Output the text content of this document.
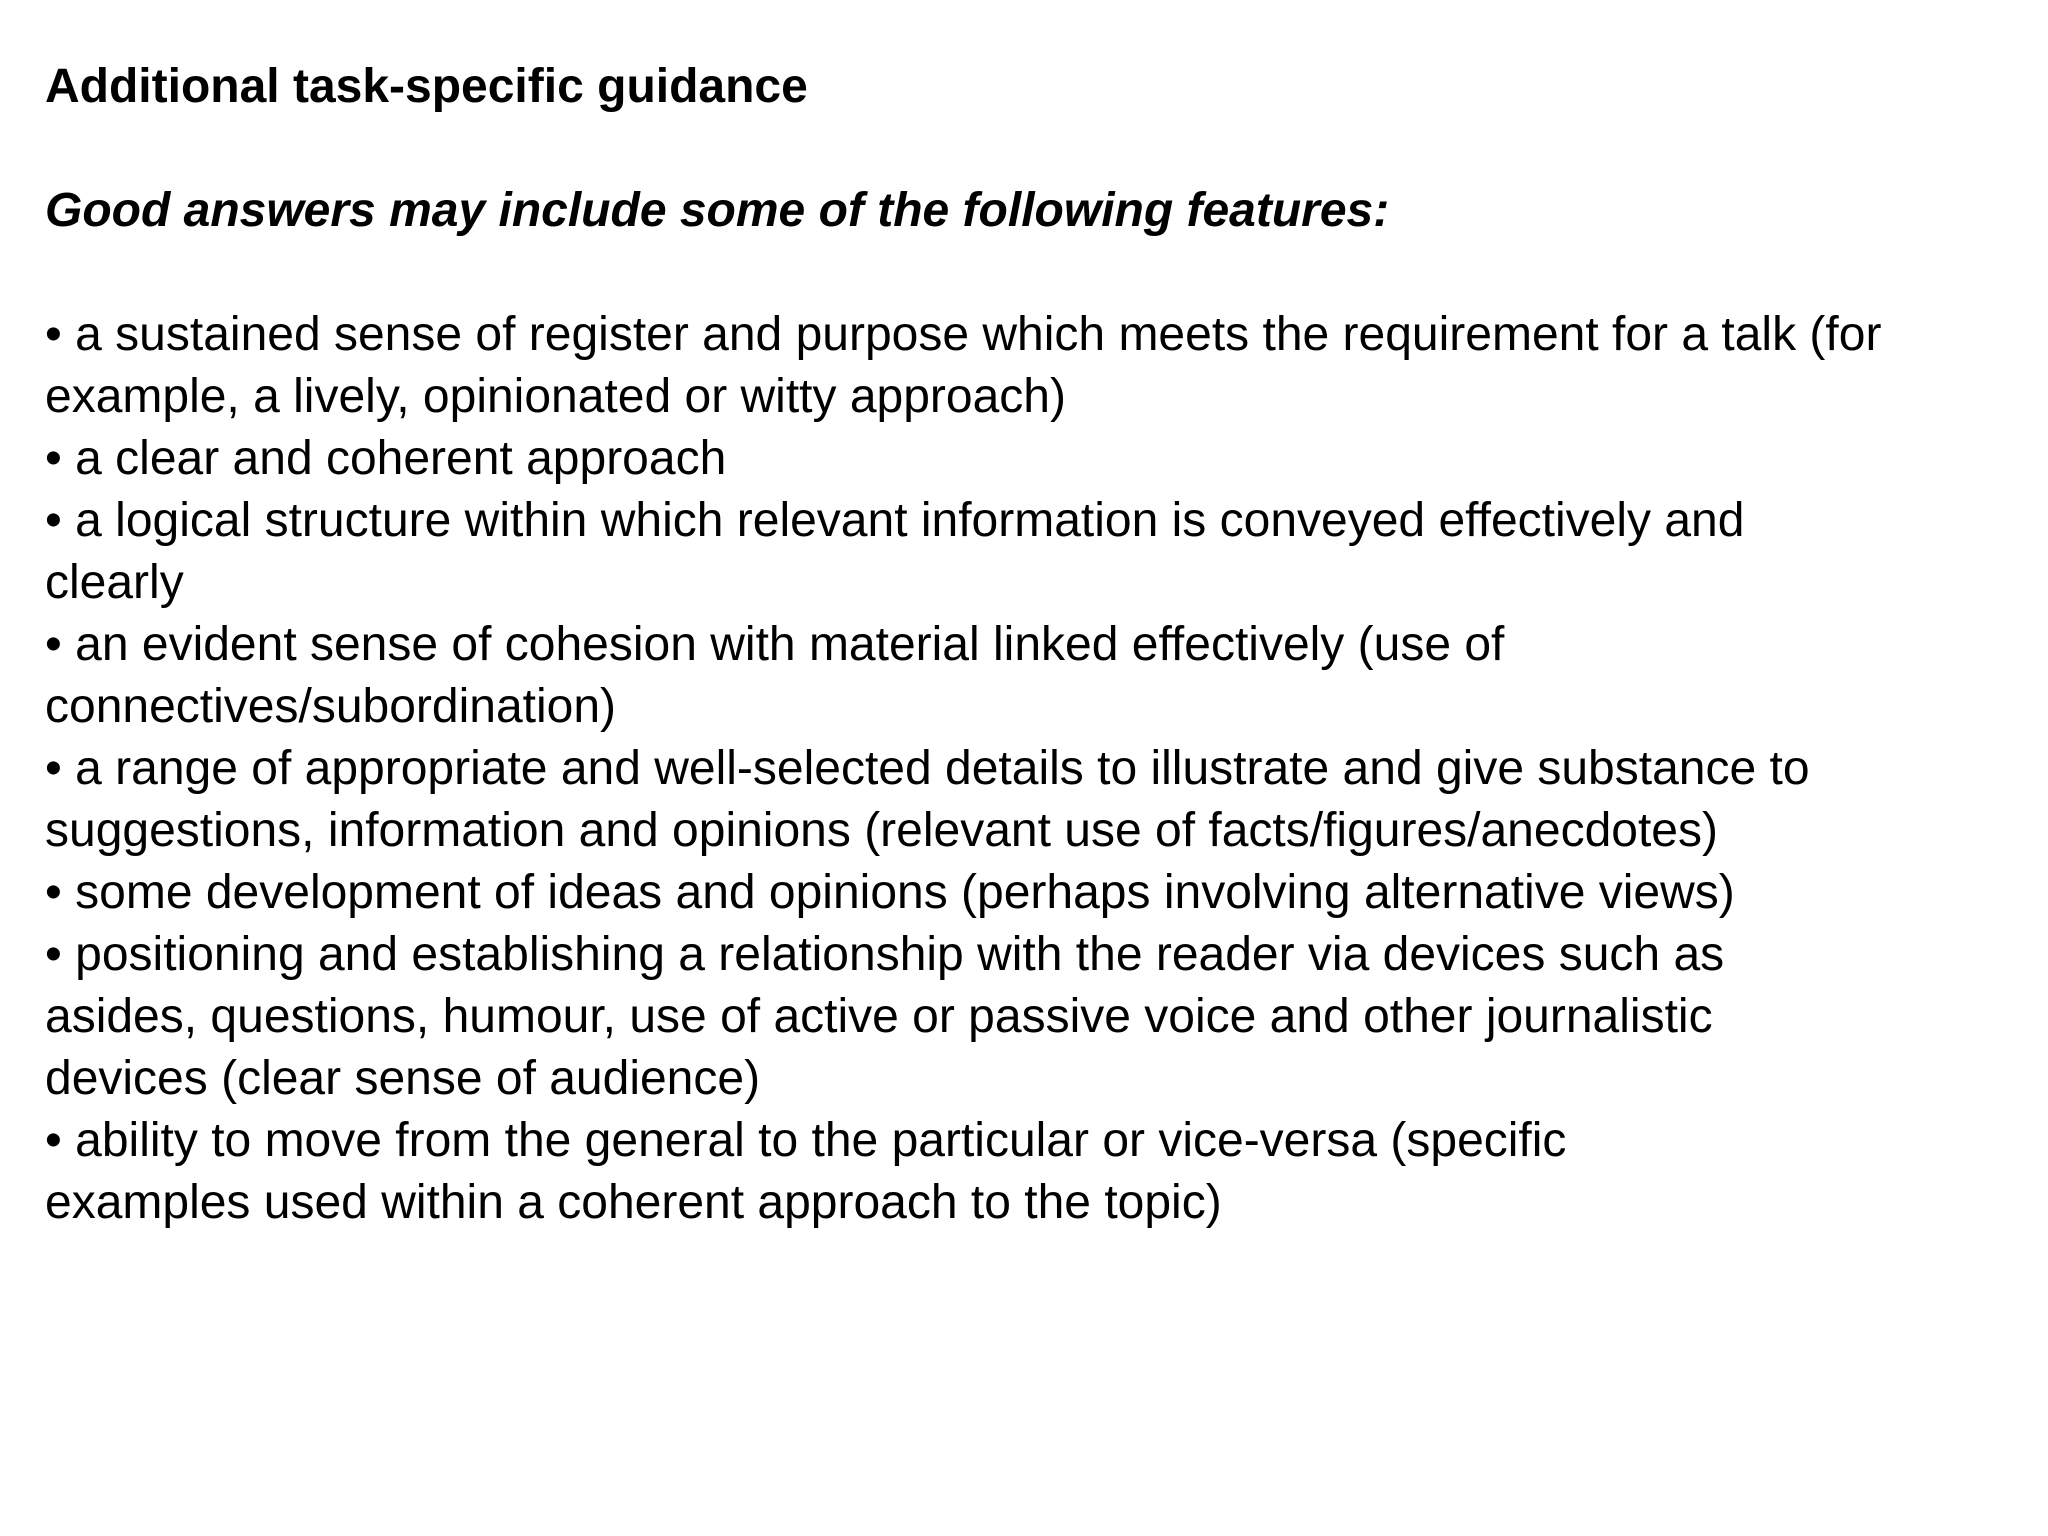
Additional task-specific guidance
Good answers may include some of the following features:
• a sustained sense of register and purpose which meets the requirement for a talk (for
example, a lively, opinionated or witty approach)
• a clear and coherent approach
• a logical structure within which relevant information is conveyed effectively and
clearly
• an evident sense of cohesion with material linked effectively (use of
connectives/subordination)
• a range of appropriate and well-selected details to illustrate and give substance to
suggestions, information and opinions (relevant use of facts/figures/anecdotes)
• some development of ideas and opinions (perhaps involving alternative views)
• positioning and establishing a relationship with the reader via devices such as
asides, questions, humour, use of active or passive voice and other journalistic
devices (clear sense of audience)
• ability to move from the general to the particular or vice-versa (specific
examples used within a coherent approach to the topic)
